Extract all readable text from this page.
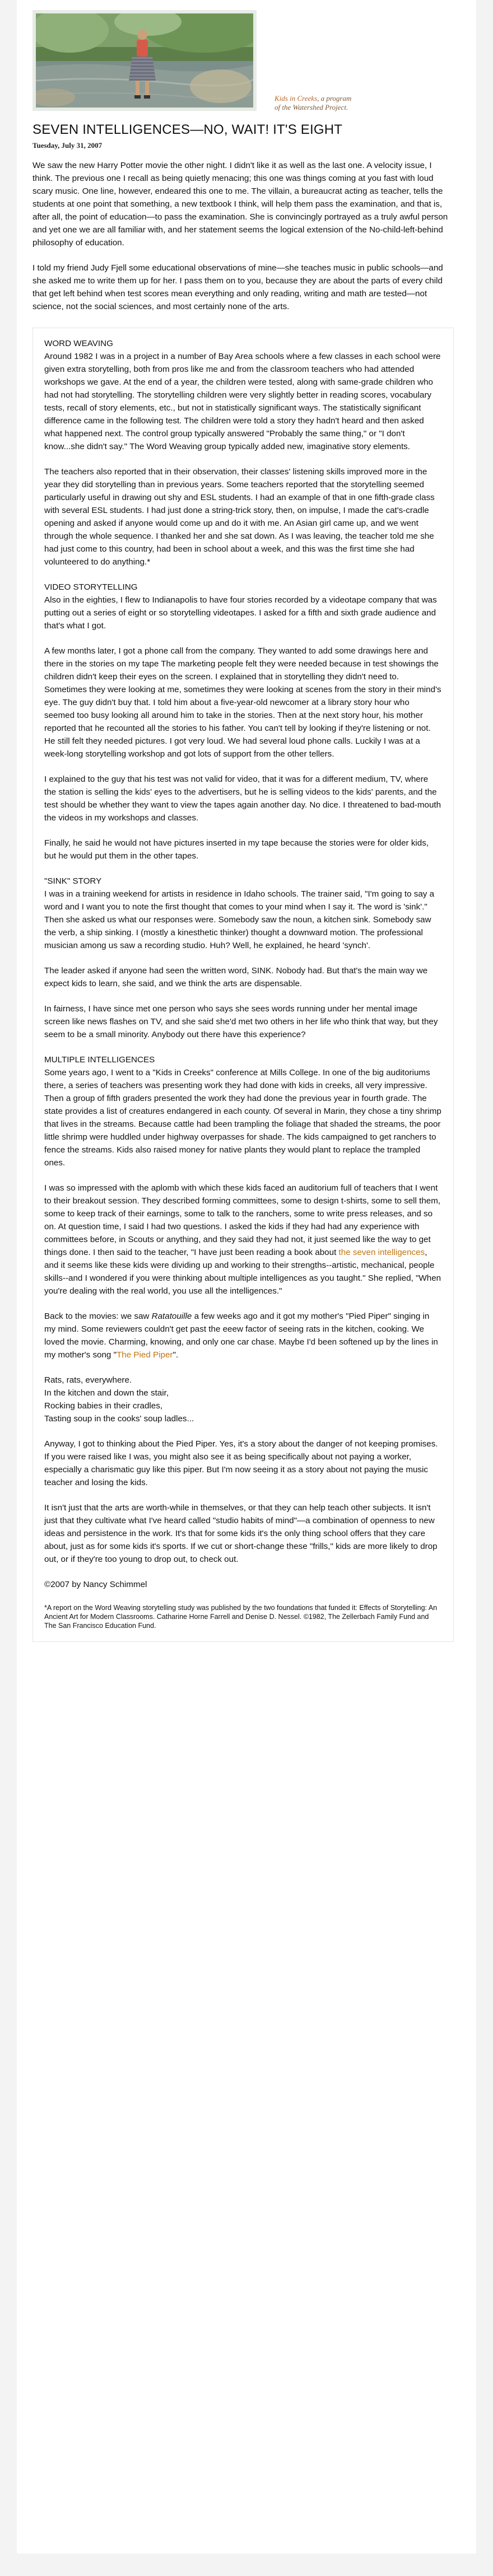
Kids in Creeks, a program
of the Watershed Project.
SEVEN INTELLIGENCES—NO, WAIT! IT'S EIGHT
Tuesday, July 31, 2007

We saw the new Harry Potter movie the other night. I didn't like it as well as the last one. A velocity issue, I think. The previous one I recall as being quietly menacing; this one was things coming at you fast with loud scary music. One line, however, endeared this one to me. The villain, a bureaucrat acting as teacher, tells the students at one point that something, a new textbook I think, will help them pass the examination, and that is, after all, the point of education—to pass the examination. She is convincingly portrayed as a truly awful person and yet one we are all familiar with, and her statement seems the logical extension of the No-child-left-behind philosophy of education.

I told my friend Judy Fjell some educational observations of mine—she teaches music in public schools—and she asked me to write them up for her. I pass them on to you, because they are about the parts of every child that get left behind when test scores mean everything and only reading, writing and math are tested—not science, not the social sciences, and most certainly none of the arts.

WORD WEAVING

Around 1982 I was in a project in a number of Bay Area schools where a few classes in each school were given extra storytelling, both from pros like me and from the classroom teachers who had attended workshops we gave. At the end of a year, the children were tested, along with same-grade children who had not had storytelling. The storytelling children were very slightly better in reading scores, vocabulary tests, recall of story elements, etc., but not in statistically significant ways. The statistically significant difference came in the following test. The children were told a story they hadn't heard and then asked what happened next. The control group typically answered "Probably the same thing," or "I don't know...she didn't say." The Word Weaving group typically added new, imaginative story elements.

The teachers also reported that in their observation, their classes' listening skills improved more in the year they did storytelling than in previous years. Some teachers reported that the storytelling seemed particularly useful in drawing out shy and ESL students. I had an example of that in one fifth-grade class with several ESL students. I had just done a string-trick story, then, on impulse, I made the cat's-cradle opening and asked if anyone would come up and do it with me. An Asian girl came up, and we went through the whole sequence. I thanked her and she sat down. As I was leaving, the teacher told me she had just come to this country, had been in school about a week, and this was the first time she had volunteered to do anything.*

VIDEO STORYTELLING

Also in the eighties, I flew to Indianapolis to have four stories recorded by a videotape company that was putting out a series of eight or so storytelling videotapes. I asked for a fifth and sixth grade audience and that's what I got.

A few months later, I got a phone call from the company. They wanted to add some drawings here and there in the stories on my tape The marketing people felt they were needed because in test showings the children didn't keep their eyes on the screen. I explained that in storytelling they didn't need to. Sometimes they were looking at me, sometimes they were looking at scenes from the story in their mind's eye. The guy didn't buy that. I told him about a five-year-old newcomer at a library story hour who seemed too busy looking all around him to take in the stories. Then at the next story hour, his mother reported that he recounted all the stories to his father. You can't tell by looking if they're listening or not. He still felt they needed pictures. I got very loud. We had several loud phone calls. Luckily I was at a week-long storytelling workshop and got lots of support from the other tellers.

I explained to the guy that his test was not valid for video, that it was for a different medium, TV, where the station is selling the kids' eyes to the advertisers, but he is selling videos to the kids' parents, and the test should be whether they want to view the tapes again another day. No dice. I threatened to bad-mouth the videos in my workshops and classes.

Finally, he said he would not have pictures inserted in my tape because the stories were for older kids, but he would put them in the other tapes.

"SINK" STORY

I was in a training weekend for artists in residence in Idaho schools. The trainer said, "I'm going to say a word and I want you to note the first thought that comes to your mind when I say it. The word is 'sink'." Then she asked us what our responses were. Somebody saw the noun, a kitchen sink. Somebody saw the verb, a ship sinking. I (mostly a kinesthetic thinker) thought a downward motion. The professional musician among us saw a recording studio. Huh? Well, he explained, he heard 'synch'.

The leader asked if anyone had seen the written word, SINK. Nobody had. But that's the main way we expect kids to learn, she said, and we think the arts are dispensable.

In fairness, I have since met one person who says she sees words running under her mental image screen like news flashes on TV, and she said she'd met two others in her life who think that way, but they seem to be a small minority. Anybody out there have this experience?

MULTIPLE INTELLIGENCES

Some years ago, I went to a "Kids in Creeks" conference at Mills College. In one of the big auditoriums there, a series of teachers was presenting work they had done with kids in creeks, all very impressive. Then a group of fifth graders presented the work they had done the previous year in fourth grade. The state provides a list of creatures endangered in each county. Of several in Marin, they chose a tiny shrimp that lives in the streams. Because cattle had been trampling the foliage that shaded the streams, the poor little shrimp were huddled under highway overpasses for shade. The kids campaigned to get ranchers to fence the streams. Kids also raised money for native plants they would plant to replace the trampled ones.

I was so impressed with the aplomb with which these kids faced an auditorium full of teachers that I went to their breakout session. They described forming committees, some to design t-shirts, some to sell them, some to keep track of their earnings, some to talk to the ranchers, some to write press releases, and so on. At question time, I said I had two questions. I asked the kids if they had had any experience with committees before, in Scouts or anything, and they said they had not, it just seemed like the way to get things done. I then said to the teacher, "I have just been reading a book about the seven intelligences, and it seems like these kids were dividing up and working to their strengths--artistic, mechanical, people skills--and I wondered if you were thinking about multiple intelligences as you taught." She replied, "When you're dealing with the real world, you use all the intelligences."

Back to the movies: we saw Ratatouille a few weeks ago and it got my mother's "Pied Piper" singing in my mind. Some reviewers couldn't get past the eeew factor of seeing rats in the kitchen, cooking. We loved the movie. Charming, knowing, and only one car chase. Maybe I'd been softened up by the lines in my mother's song "The Pied Piper".

Rats, rats, everywhere.
In the kitchen and down the stair,
Rocking babies in their cradles,
Tasting soup in the cooks' soup ladles...

Anyway, I got to thinking about the Pied Piper. Yes, it's a story about the danger of not keeping promises. If you were raised like I was, you might also see it as being specifically about not paying a worker, especially a charismatic guy like this piper. But I'm now seeing it as a story about not paying the music teacher and losing the kids.

It isn't just that the arts are worth-while in themselves, or that they can help teach other subjects. It isn't just that they cultivate what I've heard called "studio habits of mind"—a combination of openness to new ideas and persistence in the work. It's that for some kids it's the only thing school offers that they care about, just as for some kids it's sports. If we cut or short-change these "frills," kids are more likely to drop out, or if they're too young to drop out, to check out.

©2007 by Nancy Schimmel

*A report on the Word Weaving storytelling study was published by the two foundations that funded it: Effects of Storytelling: An Ancient Art for Modern Classrooms. Catharine Horne Farrell and Denise D. Nessel. ©1982, The Zellerbach Family Fund and The San Francisco Education Fund.
